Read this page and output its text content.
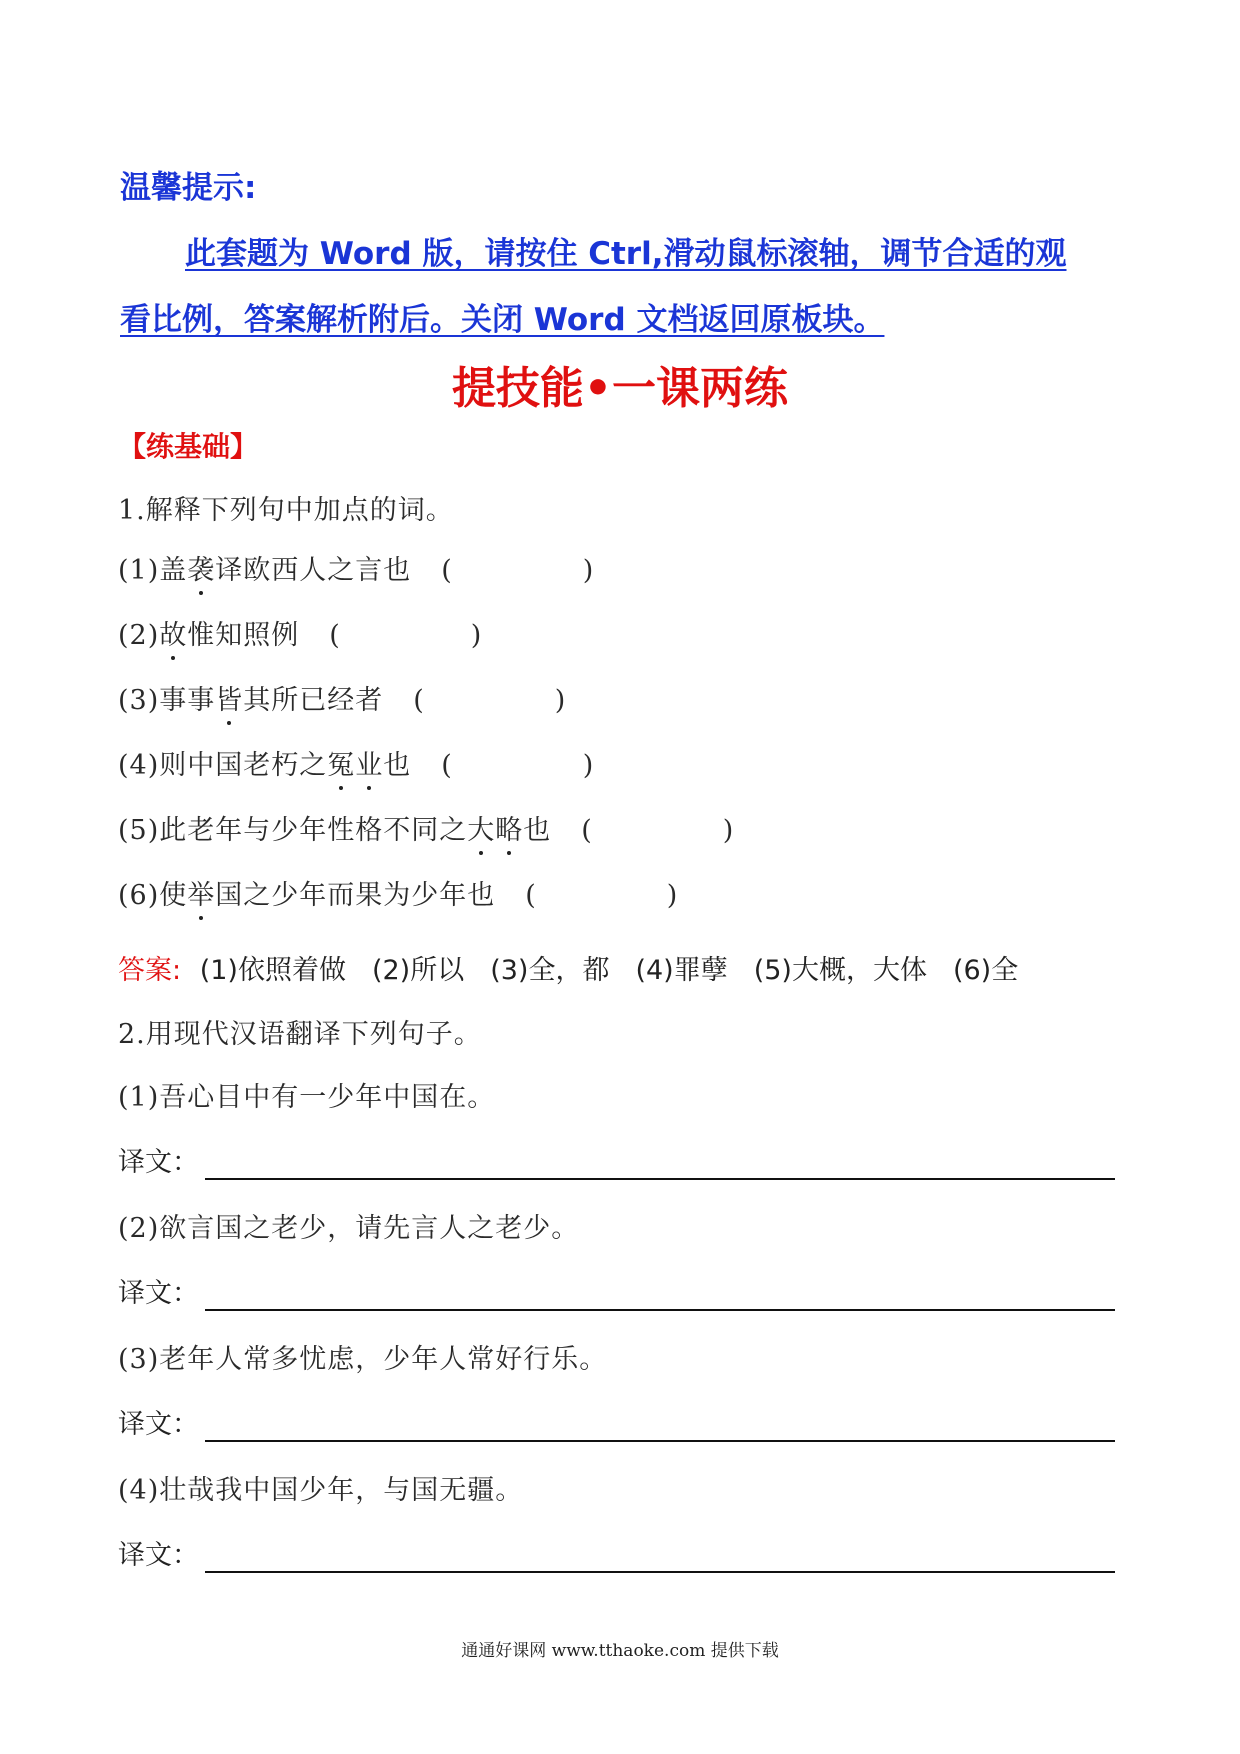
温馨提示:
此套题为 Word 版，请按住 Ctrl,滑动鼠标滚轴，调节合适的观
看比例，答案解析附后。关闭 Word 文档返回原板块。
提技能•一课两练
【练基础】
1.解释下列句中加点的词。
(1)盖袭译欧西人之言也 (	)
(2)故惟知照例 (	)
(3)事事皆其所已经者 (	)
(4)则中国老朽之冤业也 (	)
(5)此老年与少年性格不同之大略也 (	)
(6)使举国之少年而果为少年也 (	)
答案: (1)依照着做 (2)所以 (3)全，都 (4)罪孽 (5)大概，大体 (6)全
2.用现代汉语翻译下列句子。
(1)吾心目中有一少年中国在。
译文：
(2)欲言国之老少，请先言人之老少。
译文：
(3)老年人常多忧虑，少年人常好行乐。
译文：
(4)壮哉我中国少年，与国无疆。
译文：
通通好课网 www.tthaoke.com 提供下载
